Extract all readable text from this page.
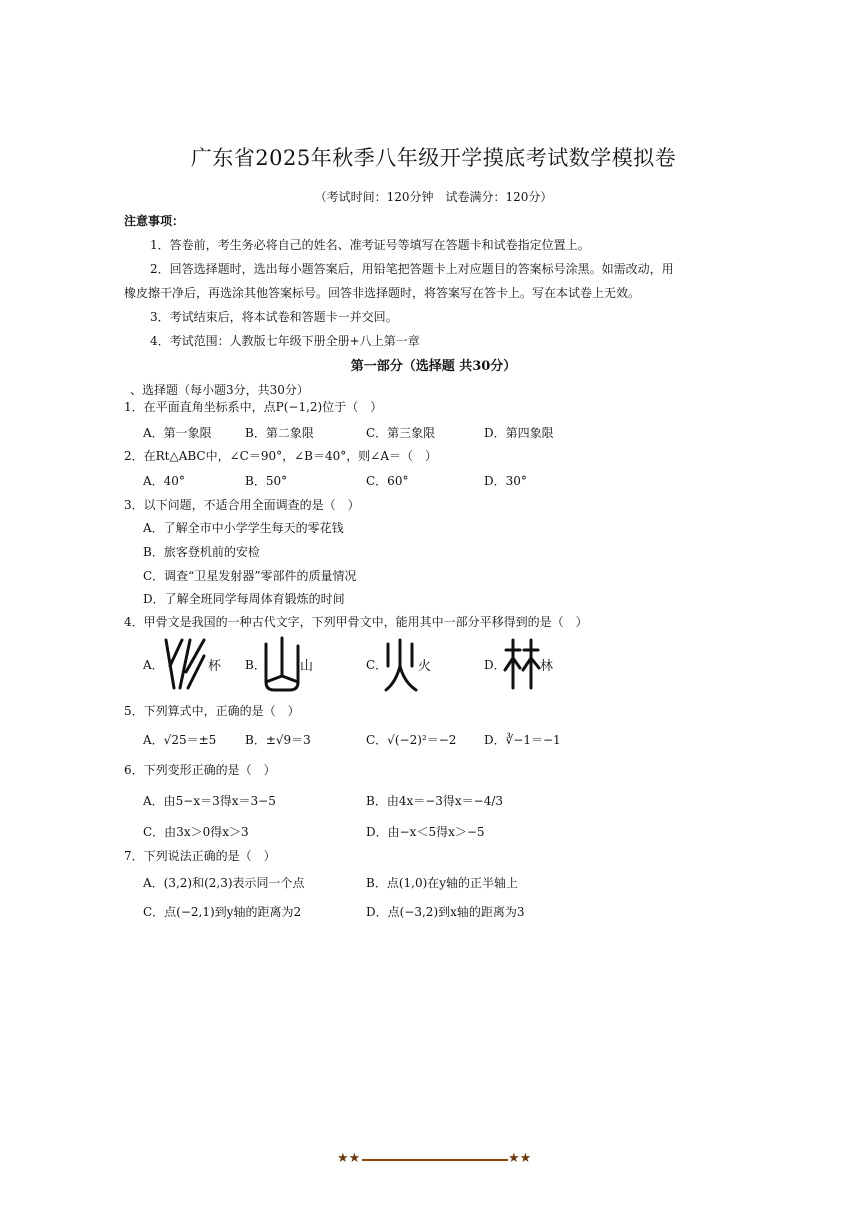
广东省2025年秋季八年级开学摸底考试数学模拟卷
（考试时间：120分钟　试卷满分：120分）
注意事项：
1．答卷前，考生务必将自己的姓名、准考证号等填写在答题卡和试卷指定位置上。
2．回答选择题时，选出每小题答案后，用铅笔把答题卡上对应题目的答案标号涂黑。如需改动，用
橡皮擦干净后，再选涂其他答案标号。回答非选择题时，将答案写在答卡上。写在本试卷上无效。
3．考试结束后，将本试卷和答题卡一并交回。
4．考试范围：人教版七年级下册全册+八上第一章
第一部分（选择题 共30分）
、选择题（每小题3分，共30分）
1．在平面直角坐标系中，点P(−1,2)位于（　）
A．第一象限	B．第二象限	C．第三象限	D．第四象限
2．在Rt△ABC中，∠C＝90°，∠B＝40°，则∠A＝（　）
A．40°	B．50°	C．60°	D．30°
3．以下问题，不适合用全面调查的是（　）
A．了解全市中小学学生每天的零花钱
B．旅客登机前的安检
C．调查“卫星发射器”零部件的质量情况
D．了解全班同学每周体育锻炼的时间
4．甲骨文是我国的一种古代文字，下列甲骨文中，能用其中一部分平移得到的是（　）
A．	杯 B．	山	C． 火	D．	林
5．下列算式中，正确的是（　）
A．√25＝±5 B．±√9＝3	C．√(−2)²＝−2 D．∛−1＝−1
6．下列变形正确的是（　）
A．由5−x＝3得x＝3−5	B．由4x＝−3得x＝−4/3
C．由3x＞0得x＞3	D．由−x＜5得x＞−5
7．下列说法正确的是（　）
A．(3,2)和(2,3)表示同一个点	B．点(1,0)在y轴的正半轴上
C．点(−2,1)到y轴的距离为2	D．点(−3,2)到x轴的距离为3
★★	★★
